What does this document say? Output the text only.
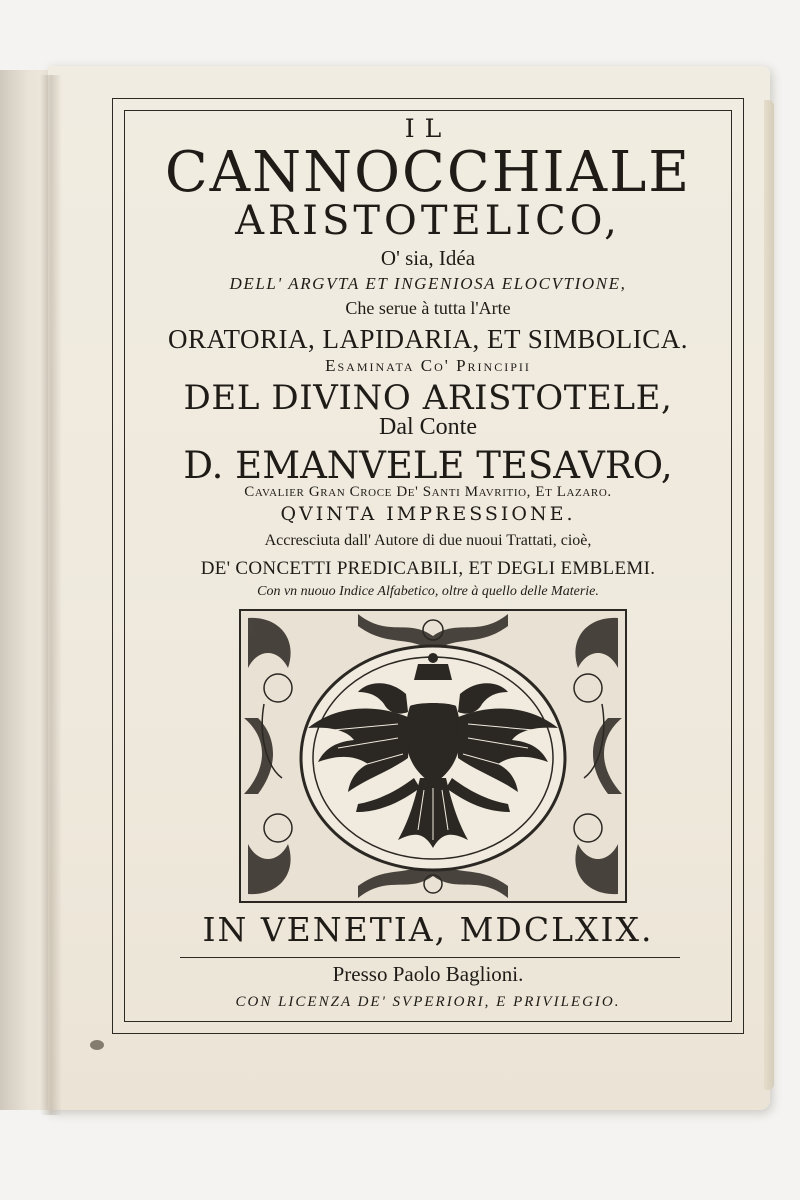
IL
CANNOCCHIALE
ARISTOTELICO,
O' sia, Idéa
DELL' ARGVTA ET INGENIOSA ELOCVTIONE,
Che serue à tutta l'Arte
ORATORIA, LAPIDARIA, ET SIMBOLICA.
Esaminata Co' Principii
DEL DIVINO ARISTOTELE,
Dal Conte
D. EMANVELE TESAVRO,
Cavalier Gran Croce De' Santi Mavritio, Et Lazaro.
QVINTA IMPRESSIONE.
Accresciuta dall' Autore di due nuoui Trattati, cioè,
DE' CONCETTI PREDICABILI, ET DEGLI EMBLEMI.
Con vn nuouo Indice Alfabetico, oltre à quello delle Materie.
IN VENETIA, MDCLXIX.
Presso Paolo Baglioni.
CON LICENZA DE' SVPERIORI, E PRIVILEGIO.
